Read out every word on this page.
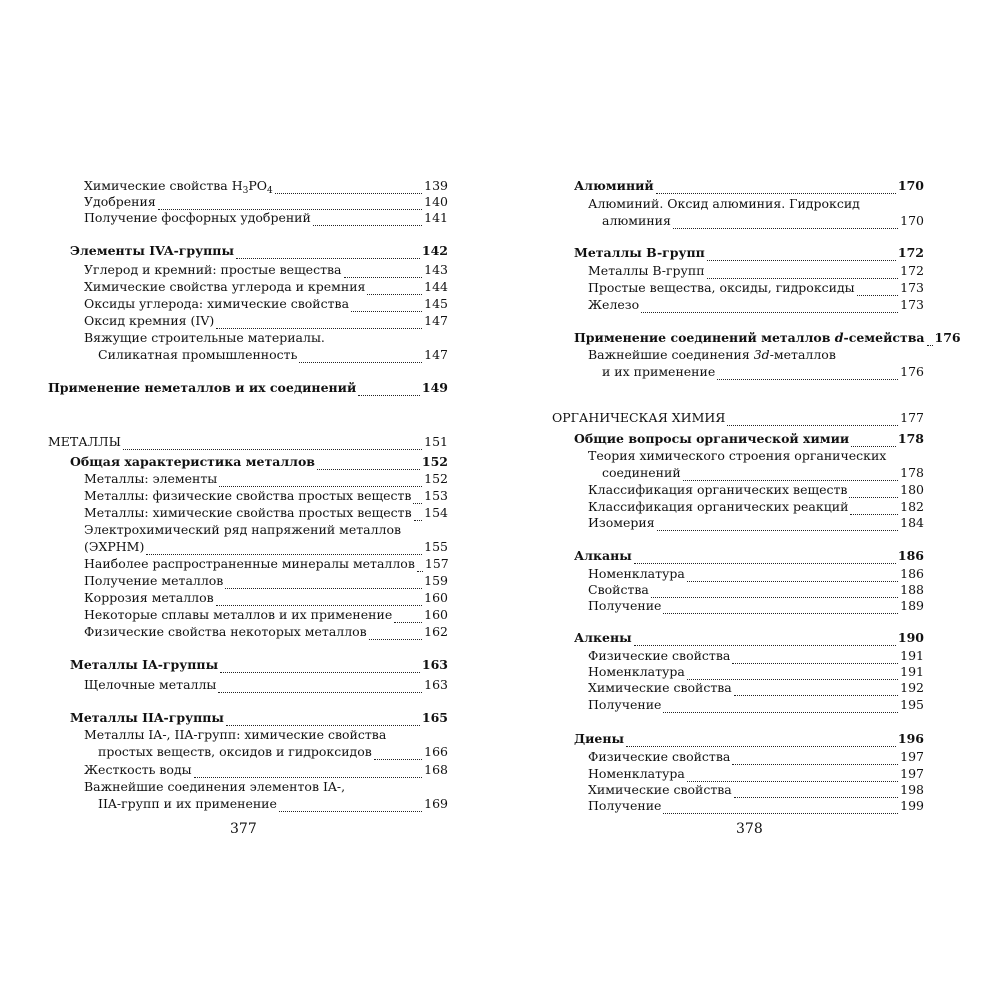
Химические свойства $H_3PO_4$	139
Удобрения	140
Получение фосфорных удобрений	141
Элементы IVA-группы	142
Углерод и кремний: простые вещества	143
Химические свойства углерода и кремния	144
Оксиды углерода: химические свойства	145
Оксид кремния (IV)	147
Вяжущие строительные материалы.
Силикатная промышленность	147
Применение неметаллов и их соединений	149
МЕТАЛЛЫ	151
Общая характеристика металлов	152
Металлы: элементы	152
Металлы: физические свойства простых веществ 153
Металлы: химические свойства простых веществ 154
Электрохимический ряд напряжений металлов
(ЭХРНМ)	155
Наиболее распространенные минералы металлов 157
Получение металлов	159
Коррозия металлов	160
Некоторые сплавы металлов и их применение	160
Физические свойства некоторых металлов	162
Металлы IA-группы	163
Щелочные металлы	163
Металлы IIA-группы	165
Металлы IA-, IIA-групп: химические свойства
простых веществ, оксидов и гидроксидов	166
Жесткость воды	168
Важнейшие соединения элементов IA-,
IIA-групп и их применение	169
377
Алюминий	170
Алюминий. Оксид алюминия. Гидроксид
алюминия	170
Металлы B-групп	172
Металлы B-групп	172
Простые вещества, оксиды, гидроксиды	173
Железо	173
Применение соединений металлов d-семейства 176
Важнейшие соединения 3d-металлов
и их применение	176
ОРГАНИЧЕСКАЯ ХИМИЯ	177
Общие вопросы органической химии	178
Теория химического строения органических
соединений	178
Классификация органических веществ	180
Классификация органических реакций	182
Изомерия	184
Алканы	186
Номенклатура	186
Свойства	188
Получение	189
Алкены	190
Физические свойства	191
Номенклатура	191
Химические свойства	192
Получение	195
Диены	196
Физические свойства	197
Номенклатура	197
Химические свойства	198
Получение	199
378
